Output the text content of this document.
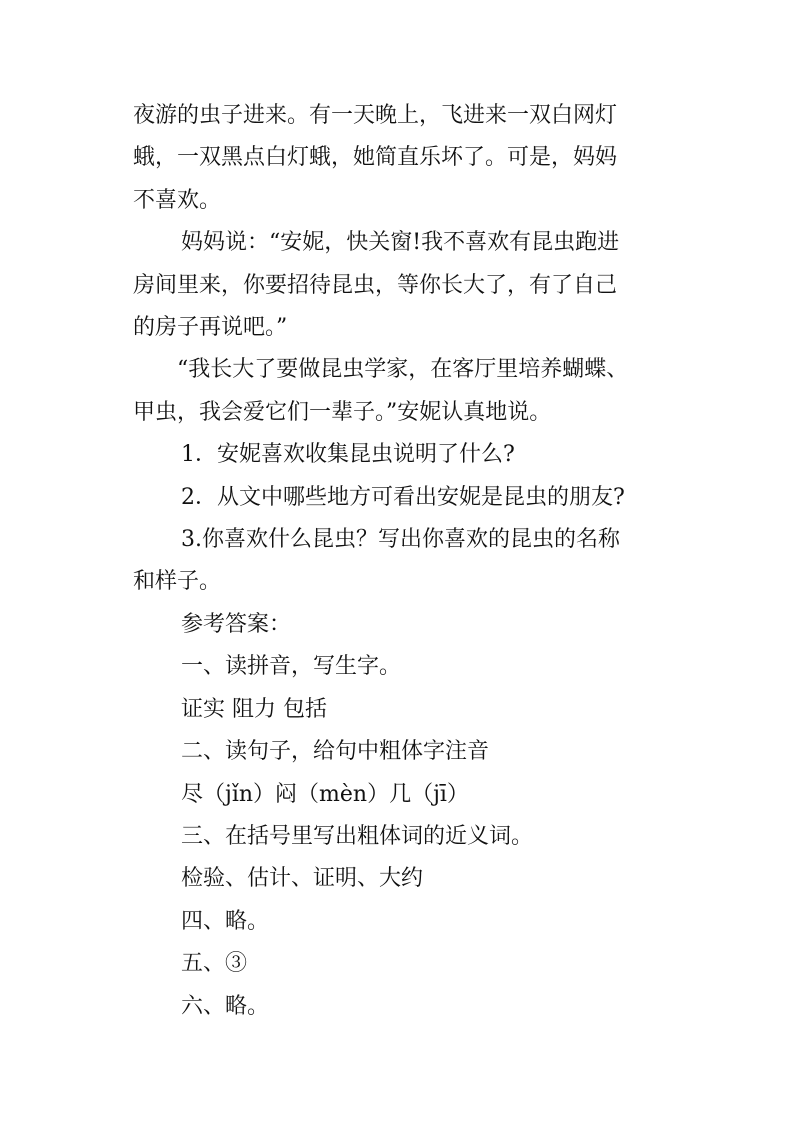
夜游的虫子进来。有一天晚上，飞进来一双白网灯

蛾，一双黑点白灯蛾，她简直乐坏了。可是，妈妈

不喜欢。

妈妈说：“安妮，快关窗!我不喜欢有昆虫跑进

房间里来，你要招待昆虫，等你长大了，有了自己

的房子再说吧。”

“我长大了要做昆虫学家，在客厅里培养蝴蝶、

甲虫，我会爱它们一辈子。”安妮认真地说。

1．安妮喜欢收集昆虫说明了什么?

2．从文中哪些地方可看出安妮是昆虫的朋友?

3.你喜欢什么昆虫？写出你喜欢的昆虫的名称

和样子。

参考答案：

一、读拼音，写生字。

证实 阻力 包括

二、读句子，给句中粗体字注音

尽（jǐn）闷（mèn）几（jī）

三、在括号里写出粗体词的近义词。

检验、估计、证明、大约

四、略。

五、③

六、略。
